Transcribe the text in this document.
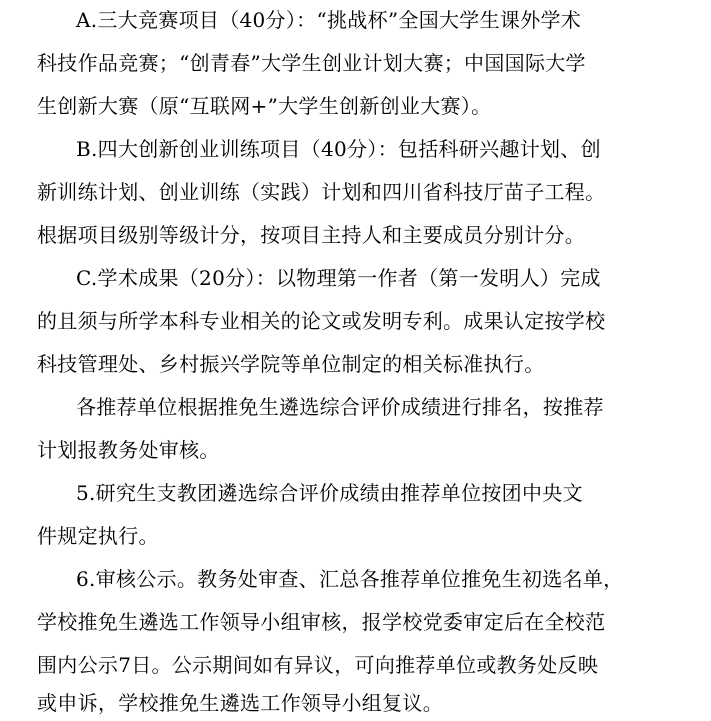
A.三大竞赛项目（40分）：“挑战杯”全国大学生课外学术
科技作品竞赛；“创青春”大学生创业计划大赛；中国国际大学
生创新大赛（原“互联网+”大学生创新创业大赛）。
B.四大创新创业训练项目（40分）：包括科研兴趣计划、创
新训练计划、创业训练（实践）计划和四川省科技厅苗子工程。
根据项目级别等级计分，按项目主持人和主要成员分别计分。
C.学术成果（20分）：以物理第一作者（第一发明人）完成
的且须与所学本科专业相关的论文或发明专利。成果认定按学校
科技管理处、乡村振兴学院等单位制定的相关标准执行。
各推荐单位根据推免生遴选综合评价成绩进行排名，按推荐
计划报教务处审核。
5.研究生支教团遴选综合评价成绩由推荐单位按团中央文
件规定执行。
6.审核公示。教务处审查、汇总各推荐单位推免生初选名单，
学校推免生遴选工作领导小组审核，报学校党委审定后在全校范
围内公示7日。公示期间如有异议，可向推荐单位或教务处反映
或申诉，学校推免生遴选工作领导小组复议。
